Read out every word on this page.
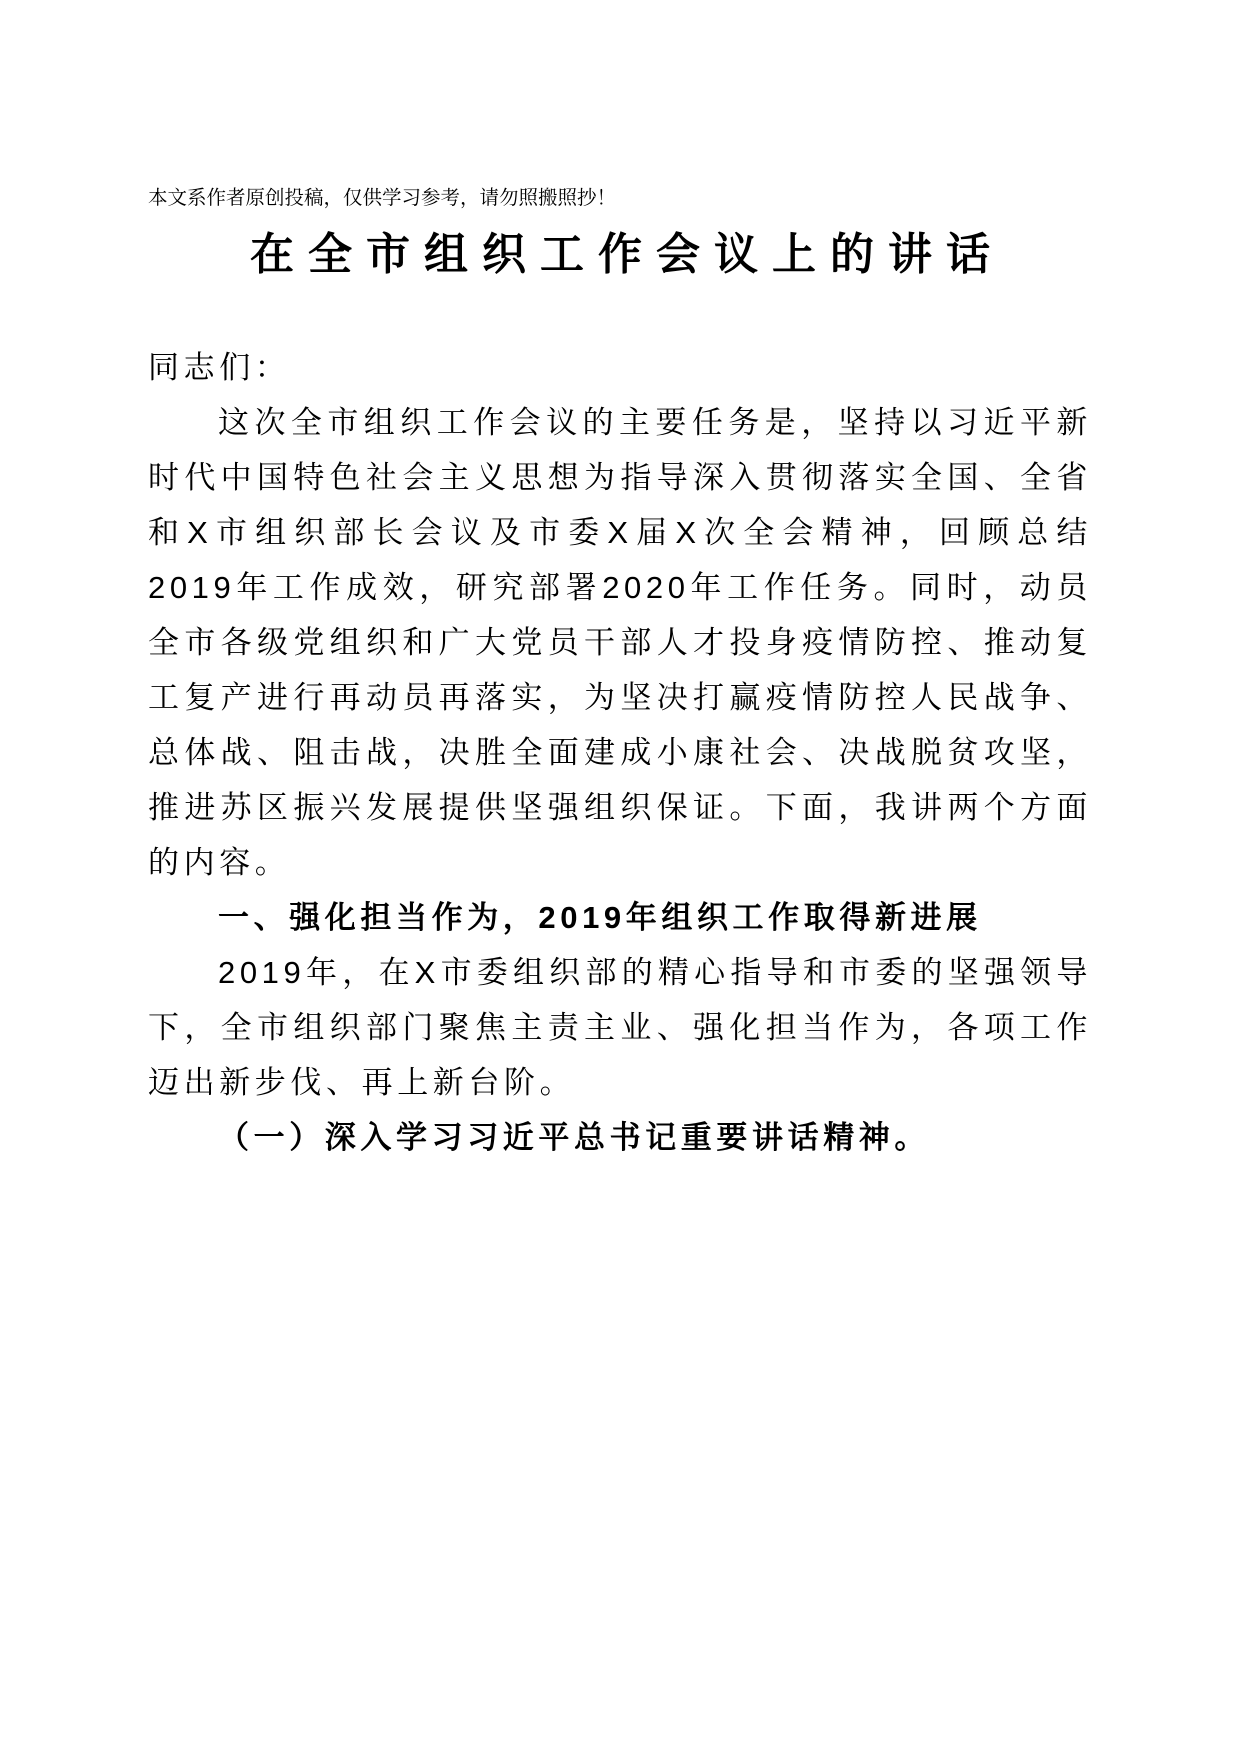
本文系作者原创投稿，仅供学习参考，请勿照搬照抄！
在全市组织工作会议上的讲话

同志们：

这次全市组织工作会议的主要任务是，坚持以习近平新时代中国特色社会主义思想为指导深入贯彻落实全国、全省和X市组织部长会议及市委X届X次全会精神，回顾总结2019年工作成效，研究部署2020年工作任务。同时，动员全市各级党组织和广大党员干部人才投身疫情防控、推动复工复产进行再动员再落实，为坚决打赢疫情防控人民战争、总体战、阻击战，决胜全面建成小康社会、决战脱贫攻坚，推进苏区振兴发展提供坚强组织保证。下面，我讲两个方面的内容。

一、强化担当作为，2019年组织工作取得新进展

2019年，在X市委组织部的精心指导和市委的坚强领导下，全市组织部门聚焦主责主业、强化担当作为，各项工作迈出新步伐、再上新台阶。

（一）深入学习习近平总书记重要讲话精神。
